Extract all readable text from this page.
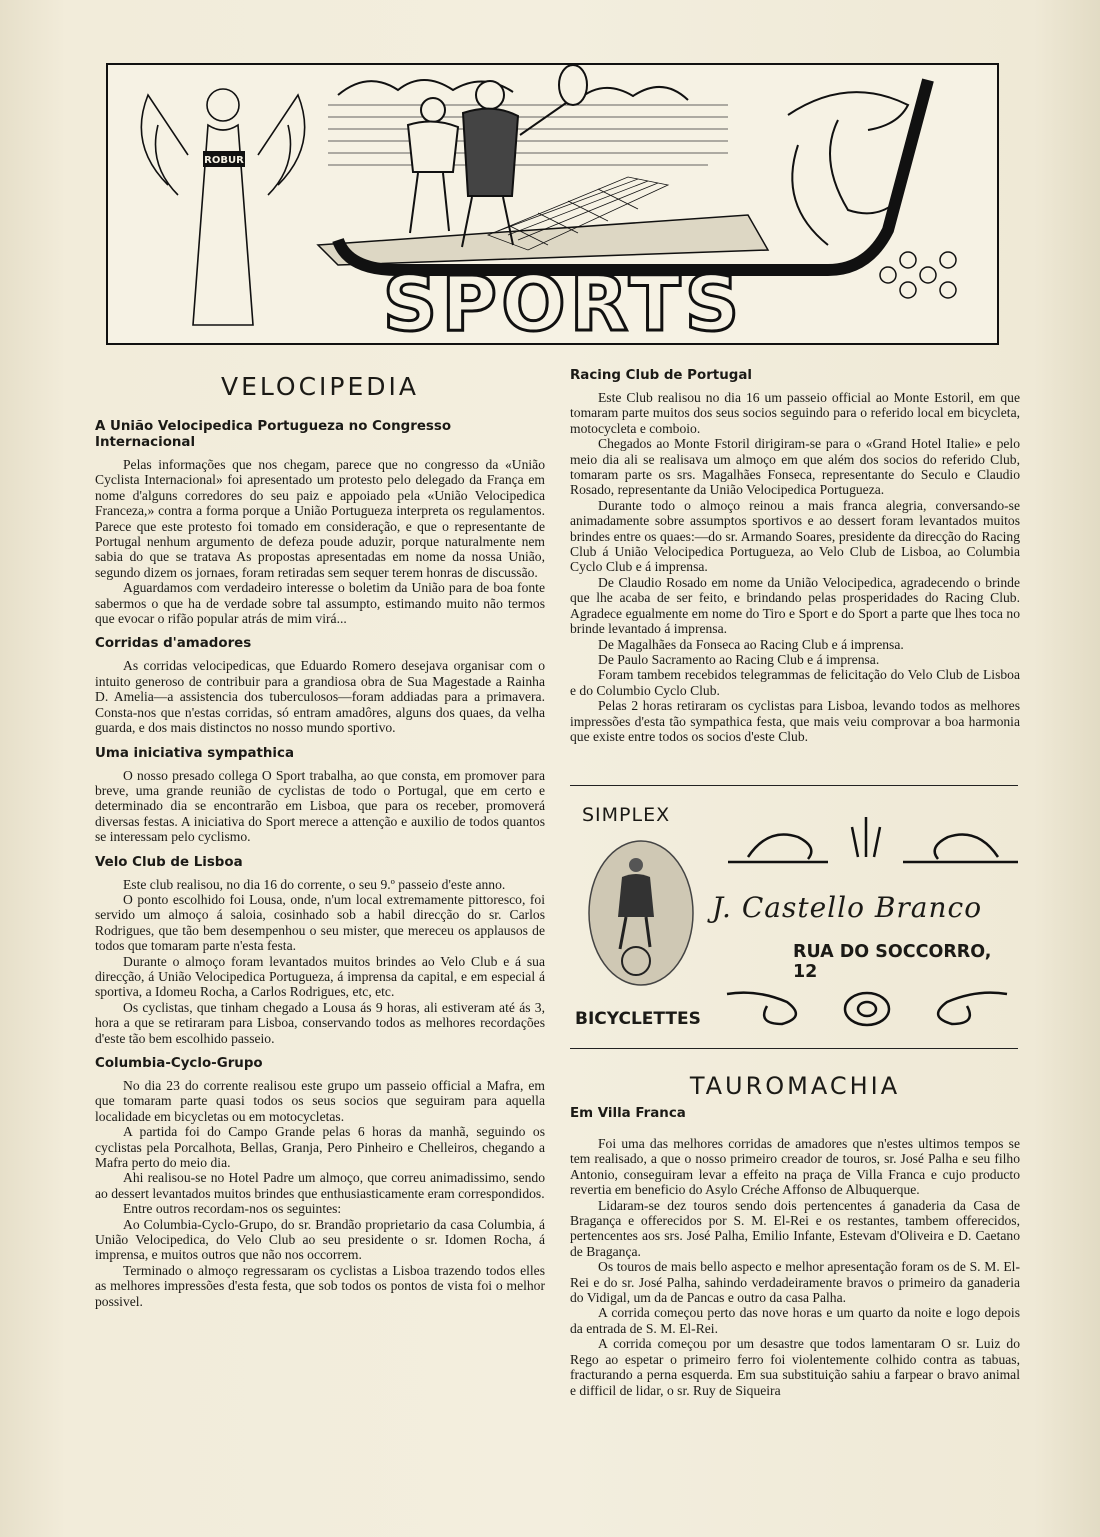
ROBUR
SPORTS
VELOCIPEDIA
A União Velocipedica Portugueza no Congresso Internacional

Pelas informações que nos chegam, parece que no congresso da «União Cyclista Internacional» foi apresentado um protesto pelo delegado da França em nome d'alguns corredores do seu paiz e appoiado pela «União Velocipedica Franceza,» contra a forma porque a União Portugueza interpreta os regulamentos. Parece que este protesto foi tomado em consideração, e que o representante de Portugal nenhum argumento de defeza poude aduzir, porque naturalmente nem sabia do que se tratava As propostas apresentadas em nome da nossa União, segundo dizem os jornaes, foram retiradas sem sequer terem honras de discussão.

Aguardamos com verdadeiro interesse o boletim da União para de boa fonte sabermos o que ha de verdade sobre tal assumpto, estimando muito não termos que evocar o rifão popular atrás de mim virá...

Corridas d'amadores

As corridas velocipedicas, que Eduardo Romero desejava organisar com o intuito generoso de contribuir para a grandiosa obra de Sua Magestade a Rainha D. Amelia—a assistencia dos tuberculosos—foram addiadas para a primavera. Consta-nos que n'estas corridas, só entram amadôres, alguns dos quaes, da velha guarda, e dos mais distinctos no nosso mundo sportivo.

Uma iniciativa sympathica

O nosso presado collega O Sport trabalha, ao que consta, em promover para breve, uma grande reunião de cyclistas de todo o Portugal, que em certo e determinado dia se encontrarão em Lisboa, que para os receber, promoverá diversas festas. A iniciativa do Sport merece a attenção e auxilio de todos quantos se interessam pelo cyclismo.

Velo Club de Lisboa

Este club realisou, no dia 16 do corrente, o seu 9.º passeio d'este anno.

O ponto escolhido foi Lousa, onde, n'um local extremamente pittoresco, foi servido um almoço á saloia, cosinhado sob a habil direcção do sr. Carlos Rodrigues, que tão bem desempenhou o seu mister, que mereceu os applausos de todos que tomaram parte n'esta festa.

Durante o almoço foram levantados muitos brindes ao Velo Club e á sua direcção, á União Velocipedica Portugueza, á imprensa da capital, e em especial á sportiva, a Idomeu Rocha, a Carlos Rodrigues, etc, etc.

Os cyclistas, que tinham chegado a Lousa ás 9 horas, ali estiveram até ás 3, hora a que se retiraram para Lisboa, conservando todos as melhores recordações d'este tão bem escolhido passeio.

Columbia-Cyclo-Grupo

No dia 23 do corrente realisou este grupo um passeio official a Mafra, em que tomaram parte quasi todos os seus socios que seguiram para aquella localidade em bicycletas ou em motocycletas.

A partida foi do Campo Grande pelas 6 horas da manhã, seguindo os cyclistas pela Porcalhota, Bellas, Granja, Pero Pinheiro e Chelleiros, chegando a Mafra perto do meio dia.

Ahi realisou-se no Hotel Padre um almoço, que correu animadissimo, sendo ao dessert levantados muitos brindes que enthusiasticamente eram correspondidos.

Entre outros recordam-nos os seguintes:

Ao Columbia-Cyclo-Grupo, do sr. Brandão proprietario da casa Columbia, á União Velocipedica, do Velo Club ao seu presidente o sr. Idomen Rocha, á imprensa, e muitos outros que não nos occorrem.

Terminado o almoço regressaram os cyclistas a Lisboa trazendo todos elles as melhores impressões d'esta festa, que sob todos os pontos de vista foi o melhor possivel.

Racing Club de Portugal

Este Club realisou no dia 16 um passeio official ao Monte Estoril, em que tomaram parte muitos dos seus socios seguindo para o referido local em bicycleta, motocycleta e comboio.

Chegados ao Monte Fstoril dirigiram-se para o «Grand Hotel Italie» e pelo meio dia ali se realisava um almoço em que além dos socios do referido Club, tomaram parte os srs. Magalhães Fonseca, representante do Seculo e Claudio Rosado, representante da União Velocipedica Portugueza.

Durante todo o almoço reinou a mais franca alegria, conversando-se animadamente sobre assumptos sportivos e ao dessert foram levantados muitos brindes entre os quaes:—do sr. Armando Soares, presidente da direcção do Racing Club á União Velocipedica Portugueza, ao Velo Club de Lisboa, ao Columbia Cyclo Club e á imprensa.

De Claudio Rosado em nome da União Velocipedica, agradecendo o brinde que lhe acaba de ser feito, e brindando pelas prosperidades do Racing Club. Agradece egualmente em nome do Tiro e Sport e do Sport a parte que lhes toca no brinde levantado á imprensa.

De Magalhães da Fonseca ao Racing Club e á imprensa.

De Paulo Sacramento ao Racing Club e á imprensa.

Foram tambem recebidos telegrammas de felicitação do Velo Club de Lisboa e do Columbio Cyclo Club.

Pelas 2 horas retiraram os cyclistas para Lisboa, levando todos as melhores impressões d'esta tão sympathica festa, que mais veiu comprovar a boa harmonia que existe entre todos os socios d'este Club.

SIMPLEX
J. Castello Branco
RUA DO SOCCORRO, 12
BICYCLETTES
TAUROMACHIA
Em Villa Franca

Foi uma das melhores corridas de amadores que n'estes ultimos tempos se tem realisado, a que o nosso primeiro creador de touros, sr. José Palha e seu filho Antonio, conseguiram levar a effeito na praça de Villa Franca e cujo producto revertia em beneficio do Asylo Créche Affonso de Albuquerque.

Lidaram-se dez touros sendo dois pertencentes á ganaderia da Casa de Bragança e offerecidos por S. M. El-Rei e os restantes, tambem offerecidos, pertencentes aos srs. José Palha, Emilio Infante, Estevam d'Oliveira e D. Caetano de Bragança.

Os touros de mais bello aspecto e melhor apresentação foram os de S. M. El-Rei e do sr. José Palha, sahindo verdadeiramente bravos o primeiro da ganaderia do Vidigal, um da de Pancas e outro da casa Palha.

A corrida começou perto das nove horas e um quarto da noite e logo depois da entrada de S. M. El-Rei.

A corrida começou por um desastre que todos lamentaram O sr. Luiz do Rego ao espetar o primeiro ferro foi violentemente colhido contra as tabuas, fracturando a perna esquerda. Em sua substituição sahiu a farpear o bravo animal e difficil de lidar, o sr. Ruy de Siqueira
